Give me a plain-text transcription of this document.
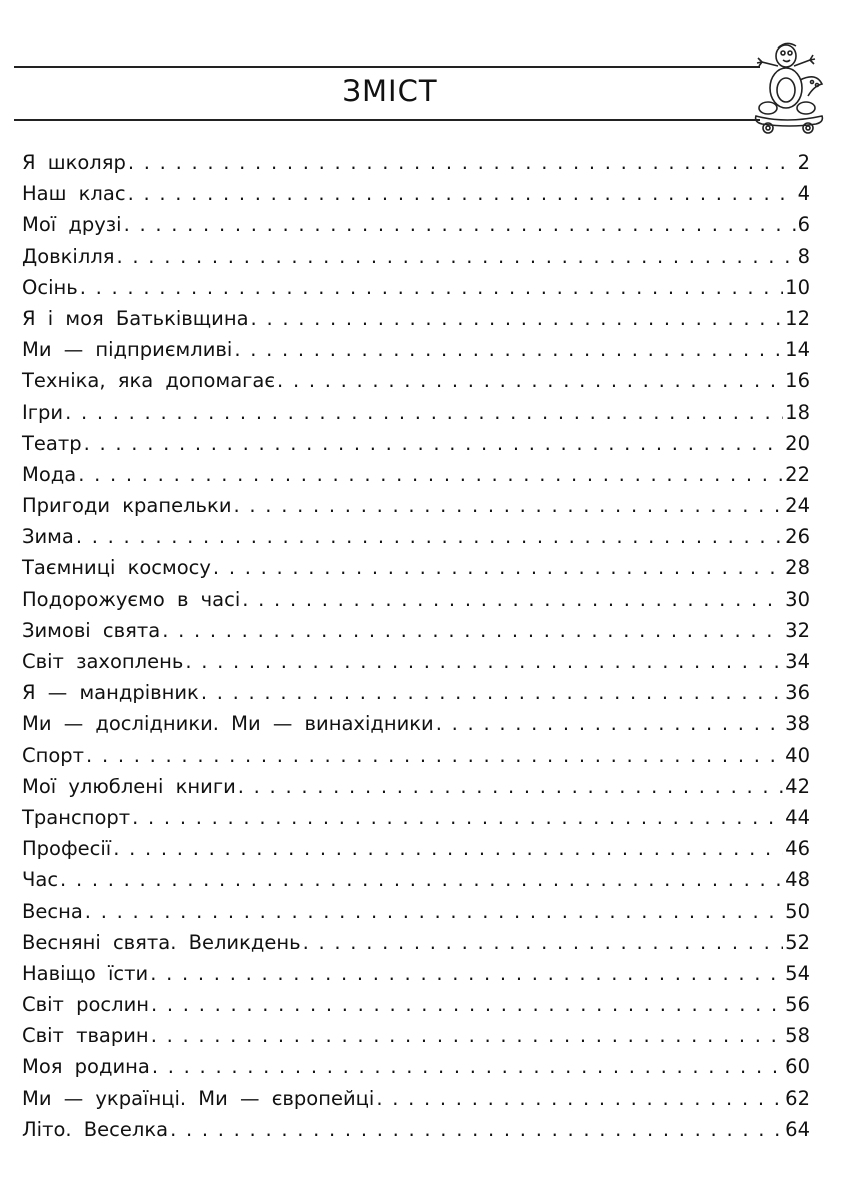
ЗМІСТ
Я школяр . . .	2
Наш клас . . .	4
Мої друзі . . .	6
Довкілля . . .	8
Осінь . . .	10
Я і моя Батьківщина . . .	12
Ми — підприємливі . . .	14
Техніка, яка допомагає . . .	16
Ігри . . .	18
Театр . . .	20
Мода . . .	22
Пригоди крапельки . . .	24
Зима . . .	26
Таємниці космосу . . .	28
Подорожуємо в часі . . .	30
Зимові свята . . .	32
Світ захоплень . . .	34
Я — мандрівник . . .	36
Ми — дослідники. Ми — винахідники . . .	38
Спорт . . .	40
Мої улюблені книги . . .	42
Транспорт . . .	44
Професії . . .	46
Час . . .	48
Весна . . .	50
Весняні свята. Великдень . . .	52
Навіщо їсти . . .	54
Світ рослин . . .	56
Світ тварин . . .	58
Моя родина . . .	60
Ми — українці. Ми — європейці . . .	62
Літо. Веселка . . .	64
